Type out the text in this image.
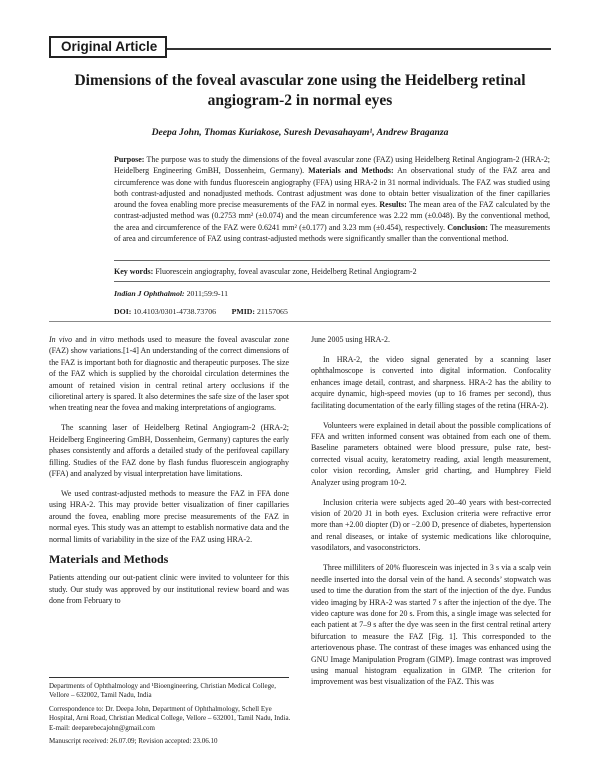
Original Article
Dimensions of the foveal avascular zone using the Heidelberg retinal angiogram-2 in normal eyes
Deepa John, Thomas Kuriakose, Suresh Devasahayam¹, Andrew Braganza

Purpose: The purpose was to study the dimensions of the foveal avascular zone (FAZ) using Heidelberg Retinal Angiogram-2 (HRA-2; Heidelberg Engineering GmBH, Dossenheim, Germany). Materials and Methods: An observational study of the FAZ area and circumference was done with fundus fluorescein angiography (FFA) using HRA-2 in 31 normal individuals. The FAZ was studied using both contrast-adjusted and nonadjusted methods. Contrast adjustment was done to obtain better visualization of the finer capillaries around the fovea enabling more precise measurements of the FAZ in normal eyes. Results: The mean area of the FAZ calculated by the contrast-adjusted method was (0.2753 mm² (±0.074) and the mean circumference was 2.22 mm (±0.048). By the conventional method, the area and circumference of the FAZ were 0.6241 mm² (±0.177) and 3.23 mm (±0.454), respectively. Conclusion: The measurements of area and circumference of FAZ using contrast-adjusted methods were significantly smaller than the conventional method.

Key words: Fluorescein angiography, foveal avascular zone, Heidelberg Retinal Angiogram-2
Indian J Ophthalmol: 2011;59:9-11
DOI: 10.4103/0301-4738.73706 PMID: 21157065

In vivo and in vitro methods used to measure the foveal avascular zone (FAZ) show variations.[1-4] An understanding of the correct dimensions of the FAZ is important both for diagnostic and therapeutic purposes. The size of the FAZ which is supplied by the choroidal circulation determines the amount of retained vision in central retinal artery occlusions if the cilioretinal artery is spared. It also determines the safe size of the laser spot when treating near the fovea and making interpretations of angiograms.

The scanning laser of Heidelberg Retinal Angiogram-2 (HRA-2; Heidelberg Engineering GmBH, Dossenheim, Germany) captures the early phases consistently and affords a detailed study of the perifoveal capillary filling. Studies of the FAZ done by flash fundus fluorescein angiography (FFA) and analyzed by visual interpretation have limitations.

We used contrast-adjusted methods to measure the FAZ in FFA done using HRA-2. This may provide better visualization of finer capillaries around the fovea, enabling more precise measurements of the FAZ in normal eyes. This study was an attempt to establish normative data and the normal limits of variability in the size of the FAZ using HRA-2.

Materials and Methods

Patients attending our out-patient clinic were invited to volunteer for this study. Our study was approved by our institutional review board and was done from February to

June 2005 using HRA-2.

In HRA-2, the video signal generated by a scanning laser ophthalmoscope is converted into digital information. Confocality enhances image detail, contrast, and sharpness. HRA-2 has the ability to acquire dynamic, high-speed movies (up to 16 frames per second), thus facilitating documentation of the early filling stages of the retina (HRA-2).

Volunteers were explained in detail about the possible complications of FFA and written informed consent was obtained from each one of them. Baseline parameters obtained were blood pressure, pulse rate, best-corrected visual acuity, keratometry reading, axial length measurement, color vision recording, Amsler grid charting, and Humphrey Field Analyzer using program 10-2.

Inclusion criteria were subjects aged 20–40 years with best-corrected vision of 20/20 J1 in both eyes. Exclusion criteria were refractive error more than +2.00 diopter (D) or −2.00 D, presence of diabetes, hypertension and renal diseases, or intake of systemic medications like chloroquine, vasodilators, and vasoconstrictors.

Three milliliters of 20% fluorescein was injected in 3 s via a scalp vein needle inserted into the dorsal vein of the hand. A seconds’ stopwatch was used to time the duration from the start of the injection of the dye. Fundus video imaging by HRA-2 was started 7 s after the injection of the dye. The video capture was done for 20 s. From this, a single image was selected for each patient at 7–9 s after the dye was seen in the first central retinal artery bifurcation to measure the FAZ [Fig. 1]. This corresponded to the arteriovenous phase. The contrast of these images was enhanced using the GNU Image Manipulation Program (GIMP). Image contrast was improved using manual histogram equalization in GIMP. The criterion for improvement was best visualization of the FAZ. This was

Departments of Ophthalmology and ¹Bioengineering, Christian Medical College, Vellore – 632002, Tamil Nadu, India

Correspondence to: Dr. Deepa John, Department of Ophthalmology, Schell Eye Hospital, Arni Road, Christian Medical College, Vellore – 632001, Tamil Nadu, India. E-mail: deeparebecajohn@gmail.com

Manuscript received: 26.07.09; Revision accepted: 23.06.10
